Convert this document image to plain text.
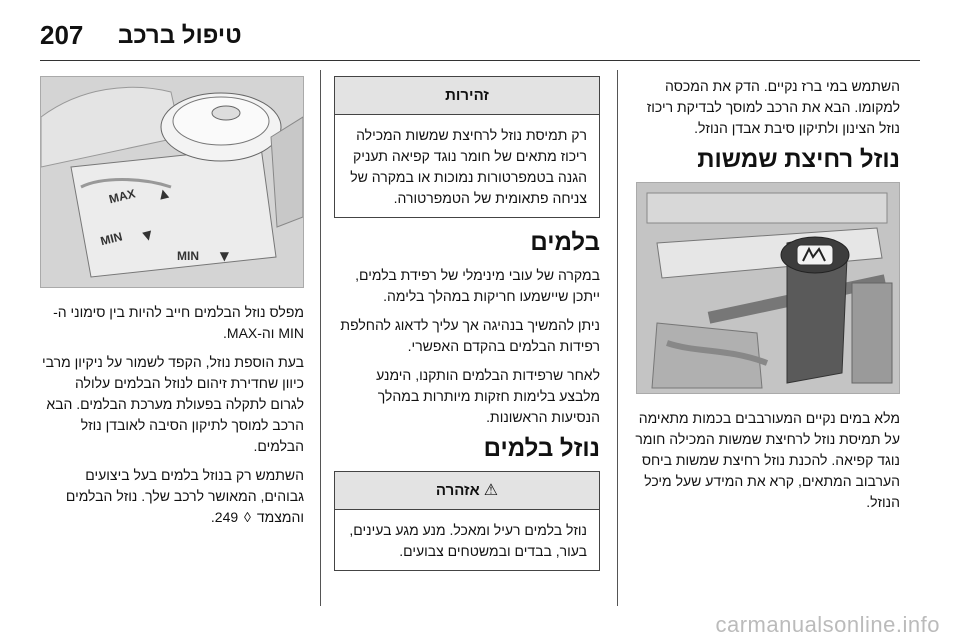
207 טיפול ברכב

השתמש במי ברז נקיים. הדק את המכסה למקומו. הבא את הרכב למוסך לבדיקת ריכוז נוזל הצינון ולתיקון סיבת אבדן הנוזל.

נוזל רחיצת שמשות

מלא במים נקיים המעורבבים בכמות מתאימה על תמיסת נוזל לרחיצת שמשות המכילה חומר נוגד קפיאה. להכנת נוזל רחיצת שמשות ביחס הערבוב המתאים, קרא את המידע שעל מיכל הנוזל.

זהירות
רק תמיסת נוזל לרחיצת שמשות המכילה ריכוז מתאים של חומר נוגד קפיאה תעניק הגנה בטמפרטורות נמוכות או במקרה של צניחה פתאומית של הטמפרטורה.
בלמים

במקרה של עובי מינימלי של רפידת בלמים, ייתכן שיישמעו חריקות במהלך בלימה.

ניתן להמשיך בנהיגה אך עליך לדאוג להחלפת רפידות הבלמים בהקדם האפשרי.

לאחר שרפידות הבלמים הותקנו, הימנע מלבצע בלימות חזקות מיותרות במהלך הנסיעות הראשונות.

נוזל בלמים
⚠אזהרה
נוזל בלמים רעיל ומאכל. מנע מגע בעינים, בעור, בבדים ובמשטחים צבועים.
MAX ▲
MIN ▼
MIN ▼

מפלס נוזל הבלמים חייב להיות בין סימוני ה-MIN וה-MAX.

בעת הוספת נוזל, הקפד לשמור על ניקיון מרבי כיוון שחדירת זיהום לנוזל הבלמים עלולה לגרום לתקלה בפעולת מערכת הבלמים. הבא הרכב למוסך לתיקון הסיבה לאובדן נוזל הבלמים.

השתמש רק בנוזל בלמים בעל ביצועים גבוהים, המאושר לרכב שלך. נוזל הבלמים והמצמד ◊ 249.

carmanualsonline.info
